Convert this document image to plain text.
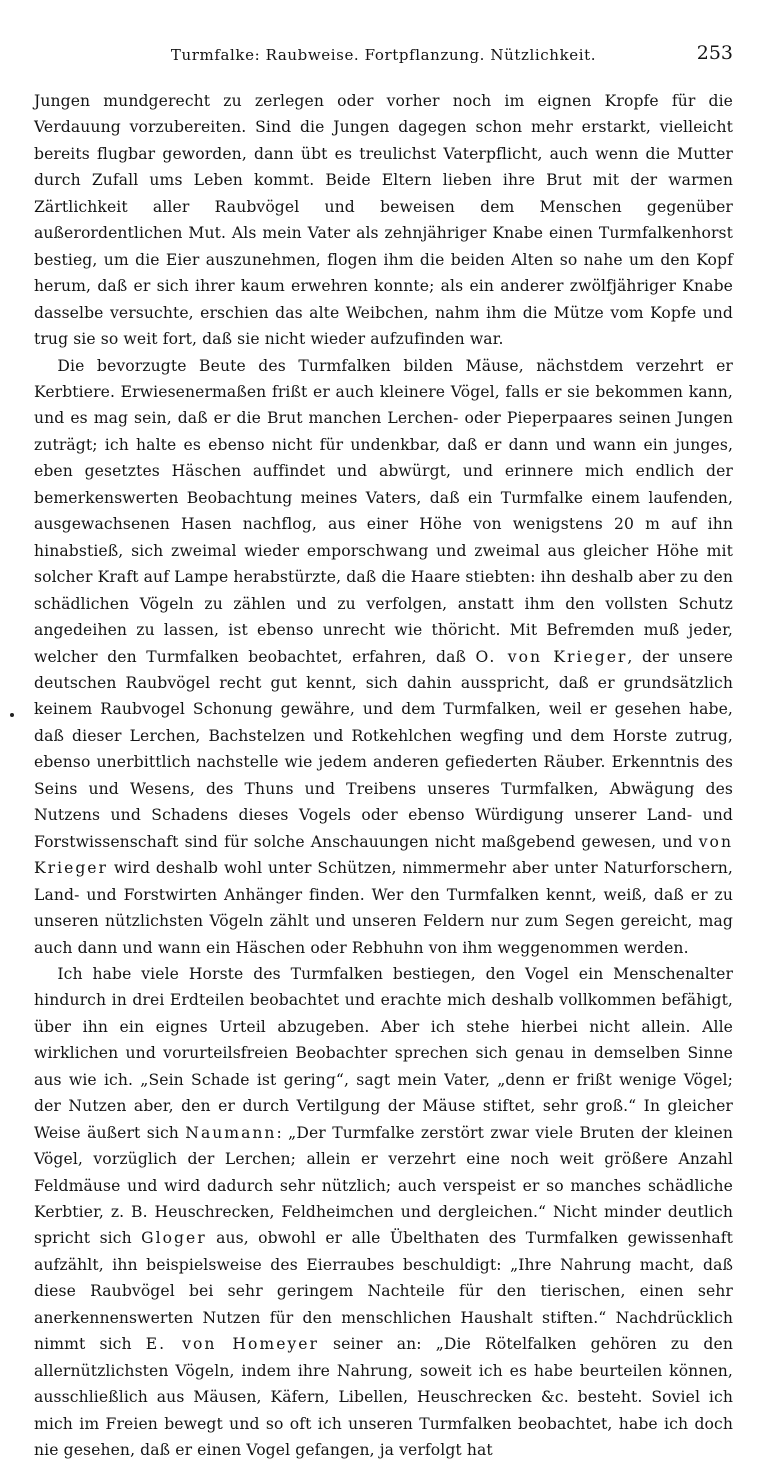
Turmfalke: Raubweise. Fortpflanzung. Nützlichkeit.	253

Jungen mundgerecht zu zerlegen oder vorher noch im eignen Kropfe für die Verdauung vorzubereiten. Sind die Jungen dagegen schon mehr erstarkt, vielleicht bereits flugbar geworden, dann übt es treulichst Vaterpflicht, auch wenn die Mutter durch Zufall ums Leben kommt. Beide Eltern lieben ihre Brut mit der warmen Zärtlichkeit aller Raubvögel und beweisen dem Menschen gegenüber außerordentlichen Mut. Als mein Vater als zehnjähriger Knabe einen Turmfalkenhorst bestieg, um die Eier auszunehmen, flogen ihm die beiden Alten so nahe um den Kopf herum, daß er sich ihrer kaum erwehren konnte; als ein anderer zwölfjähriger Knabe dasselbe versuchte, erschien das alte Weibchen, nahm ihm die Mütze vom Kopfe und trug sie so weit fort, daß sie nicht wieder aufzufinden war.

Die bevorzugte Beute des Turmfalken bilden Mäuse, nächstdem verzehrt er Kerbtiere. Erwiesenermaßen frißt er auch kleinere Vögel, falls er sie bekommen kann, und es mag sein, daß er die Brut manchen Lerchen- oder Pieperpaares seinen Jungen zuträgt; ich halte es ebenso nicht für undenkbar, daß er dann und wann ein junges, eben gesetztes Häschen auffindet und abwürgt, und erinnere mich endlich der bemerkenswerten Beobachtung meines Vaters, daß ein Turmfalke einem laufenden, ausgewachsenen Hasen nachflog, aus einer Höhe von wenigstens 20 m auf ihn hinabstieß, sich zweimal wieder emporschwang und zweimal aus gleicher Höhe mit solcher Kraft auf Lampe herabstürzte, daß die Haare stiebten: ihn deshalb aber zu den schädlichen Vögeln zu zählen und zu verfolgen, anstatt ihm den vollsten Schutz angedeihen zu lassen, ist ebenso unrecht wie thöricht. Mit Befremden muß jeder, welcher den Turmfalken beobachtet, erfahren, daß O. von Krieger, der unsere deutschen Raubvögel recht gut kennt, sich dahin ausspricht, daß er grundsätzlich keinem Raubvogel Schonung gewähre, und dem Turmfalken, weil er gesehen habe, daß dieser Lerchen, Bachstelzen und Rotkehlchen wegfing und dem Horste zutrug, ebenso unerbittlich nachstelle wie jedem anderen gefiederten Räuber. Erkenntnis des Seins und Wesens, des Thuns und Treibens unseres Turmfalken, Abwägung des Nutzens und Schadens dieses Vogels oder ebenso Würdigung unserer Land- und Forstwissenschaft sind für solche Anschauungen nicht maßgebend gewesen, und von Krieger wird deshalb wohl unter Schützen, nimmermehr aber unter Naturforschern, Land- und Forstwirten Anhänger finden. Wer den Turmfalken kennt, weiß, daß er zu unseren nützlichsten Vögeln zählt und unseren Feldern nur zum Segen gereicht, mag auch dann und wann ein Häschen oder Rebhuhn von ihm weggenommen werden.

Ich habe viele Horste des Turmfalken bestiegen, den Vogel ein Menschenalter hindurch in drei Erdteilen beobachtet und erachte mich deshalb vollkommen befähigt, über ihn ein eignes Urteil abzugeben. Aber ich stehe hierbei nicht allein. Alle wirklichen und vorurteilsfreien Beobachter sprechen sich genau in demselben Sinne aus wie ich. „Sein Schade ist gering“, sagt mein Vater, „denn er frißt wenige Vögel; der Nutzen aber, den er durch Vertilgung der Mäuse stiftet, sehr groß.“ In gleicher Weise äußert sich Naumann: „Der Turmfalke zerstört zwar viele Bruten der kleinen Vögel, vorzüglich der Lerchen; allein er verzehrt eine noch weit größere Anzahl Feldmäuse und wird dadurch sehr nützlich; auch verspeist er so manches schädliche Kerbtier, z. B. Heuschrecken, Feldheimchen und dergleichen.“ Nicht minder deutlich spricht sich Gloger aus, obwohl er alle Übelthaten des Turmfalken gewissenhaft aufzählt, ihn beispielsweise des Eierraubes beschuldigt: „Ihre Nahrung macht, daß diese Raubvögel bei sehr geringem Nachteile für den tierischen, einen sehr anerkennenswerten Nutzen für den menschlichen Haushalt stiften.“ Nachdrücklich nimmt sich E. von Homeyer seiner an: „Die Rötelfalken gehören zu den allernützlichsten Vögeln, indem ihre Nahrung, soweit ich es habe beurteilen können, ausschließlich aus Mäusen, Käfern, Libellen, Heuschrecken &c. besteht. Soviel ich mich im Freien bewegt und so oft ich unseren Turmfalken beobachtet, habe ich doch nie gesehen, daß er einen Vogel gefangen, ja verfolgt hat
